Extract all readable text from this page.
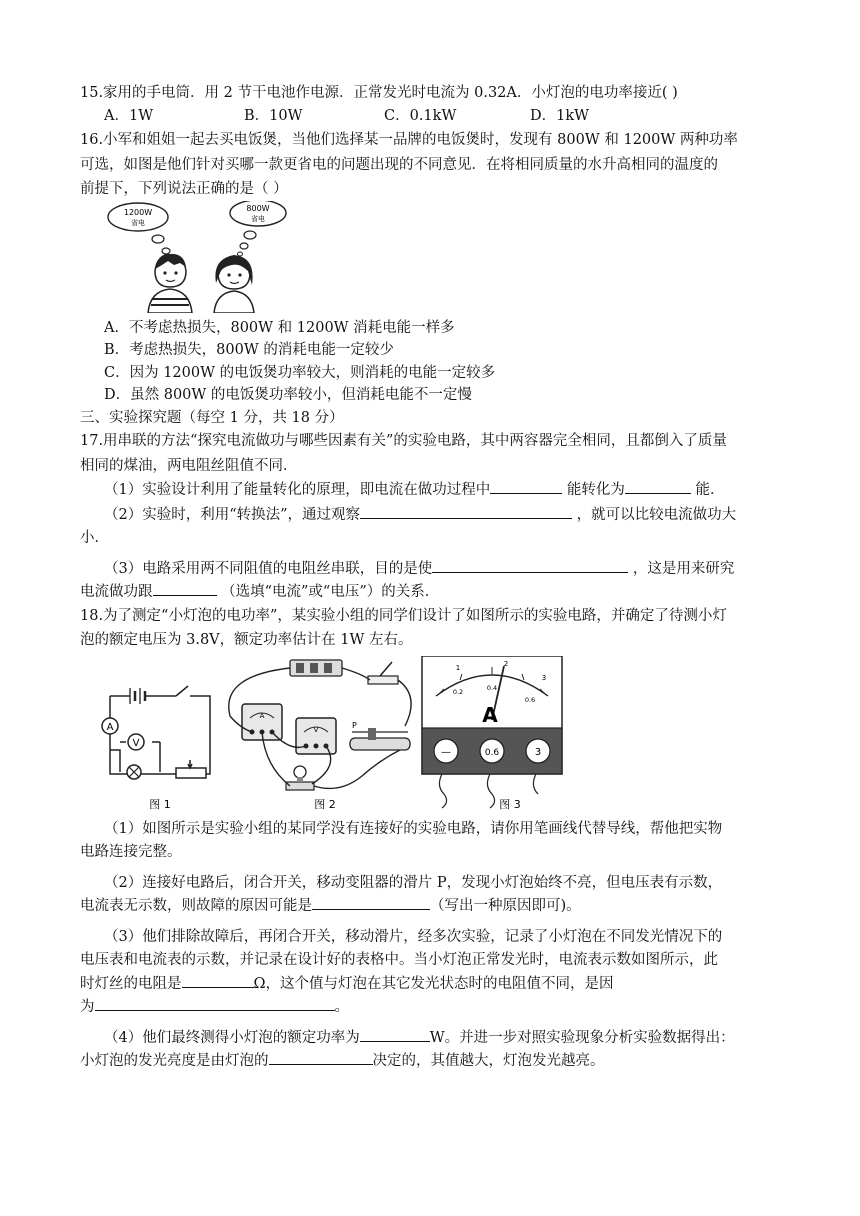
15.家用的手电筒．用 2 节干电池作电源．正常发光时电流为 0.32A．小灯泡的电功率接近( )

A．1W	B．10W	C．0.1kW	D．1kW

16.小军和姐姐一起去买电饭煲，当他们选择某一品牌的电饭煲时，发现有 800W 和 1200W 两种功率

可选，如图是他们针对买哪一款更省电的问题出现的不同意见．在将相同质量的水升高相同的温度的

前提下，下列说法正确的是（ ）

1200W
省电
800W
省电

A．不考虑热损失，800W 和 1200W 消耗电能一样多

B．考虑热损失，800W 的消耗电能一定较少

C．因为 1200W 的电饭煲功率较大，则消耗的电能一定较多

D．虽然 800W 的电饭煲功率较小，但消耗电能不一定慢

三、实验探究题（每空 1 分，共 18 分）

17.用串联的方法“探究电流做功与哪些因素有关”的实验电路，其中两容器完全相同，且都倒入了质量

相同的煤油，两电阻丝阻值不同．

（1）实验设计利用了能量转化的原理，即电流在做功过程中	能转化为	能．

（2）实验时，利用“转换法”，通过观察	，就可以比较电流做功大

小．

（3）电路采用两不同阻值的电阻丝串联，目的是使	，这是用来研究

电流做功跟	（选填“电流”或“电压”）的关系．

18.为了测定“小灯泡的电功率”，某实验小组的同学们设计了如图所示的实验电路，并确定了待测小灯

泡的额定电压为 3.8V，额定功率估计在 1W 左右。

A
V
图 1
A
V	P
图 2
1	2
3
0.2	0.4
0.6
A
—	0.6	3
图 3

（1）如图所示是实验小组的某同学没有连接好的实验电路，请你用笔画线代替导线，帮他把实物

电路连接完整。

（2）连接好电路后，闭合开关，移动变阻器的滑片 P，发现小灯泡始终不亮，但电压表有示数，

电流表无示数，则故障的原因可能是	（写出一种原因即可)。

（3）他们排除故障后，再闭合开关，移动滑片，经多次实验，记录了小灯泡在不同发光情况下的

电压表和电流表的示数，并记录在设计好的表格中。当小灯泡正常发光时，电流表示数如图所示，此

时灯丝的电阻是	Ω，这个值与灯泡在其它发光状态时的电阻值不同，是因

为	。

（4）他们最终测得小灯泡的额定功率为	W。并进一步对照实验现象分析实验数据得出：

小灯泡的发光亮度是由灯泡的	决定的，其值越大，灯泡发光越亮。
